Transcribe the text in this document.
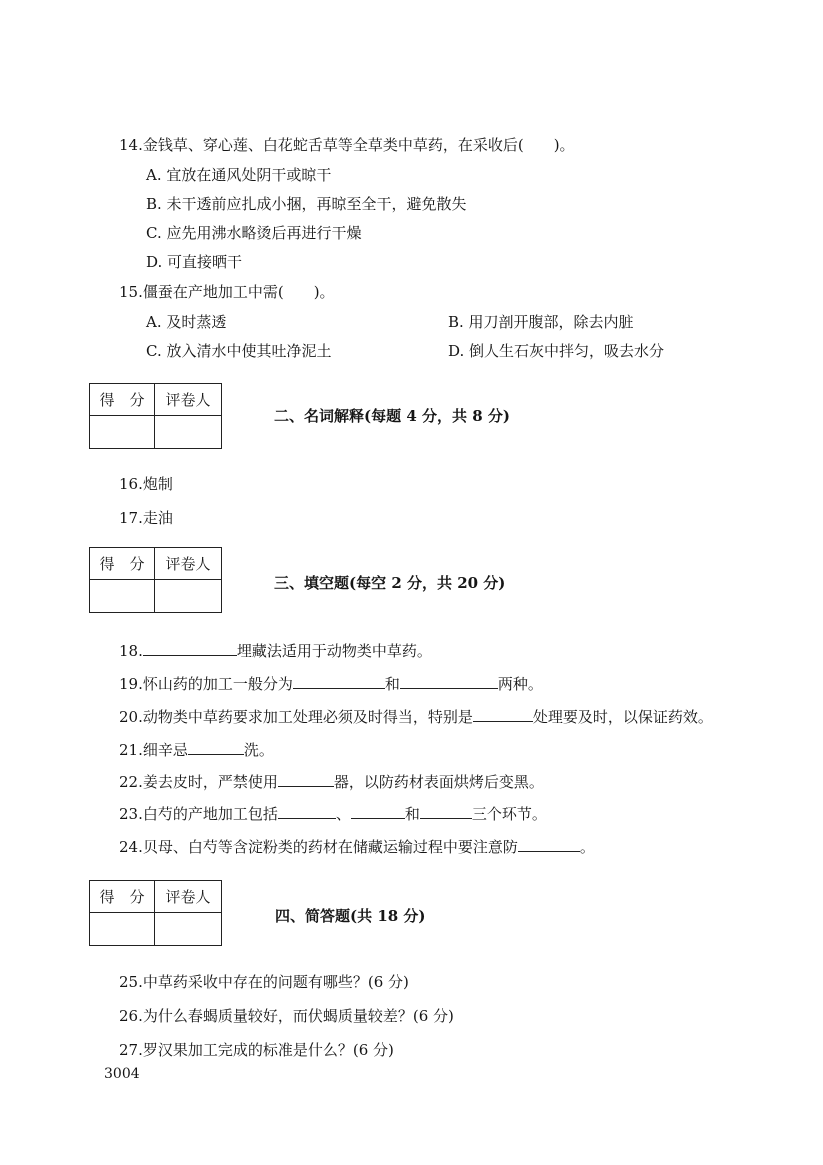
14.金钱草、穿心莲、白花蛇舌草等全草类中草药，在采收后(　　)。
A. 宜放在通风处阴干或晾干
B. 未干透前应扎成小捆，再晾至全干，避免散失
C. 应先用沸水略烫后再进行干燥
D. 可直接晒干
15.僵蚕在产地加工中需(　　)。
A. 及时蒸透	B. 用刀剖开腹部，除去内脏
C. 放入清水中使其吐净泥土	D. 倒人生石灰中拌匀，吸去水分
得　分	评卷人

二、名词解释(每题 4 分，共 8 分)
16.炮制
17.走油
得　分	评卷人

三、填空题(每空 2 分，共 20 分)
18.	埋藏法适用于动物类中草药。
19.怀山药的加工一般分为	和	两种。
20.动物类中草药要求加工处理必须及时得当，特别是	处理要及时，以保证药效。
21.细辛忌	洗。
22.姜去皮时，严禁使用	器，以防药材表面烘烤后变黑。
23.白芍的产地加工包括	、	和	三个环节。
24.贝母、白芍等含淀粉类的药材在储藏运输过程中要注意防	。
得　分	评卷人

四、简答题(共 18 分)
25.中草药采收中存在的问题有哪些？(6 分)
26.为什么春蝎质量较好，而伏蝎质量较差？(6 分)
27.罗汉果加工完成的标准是什么？(6 分)
3004
